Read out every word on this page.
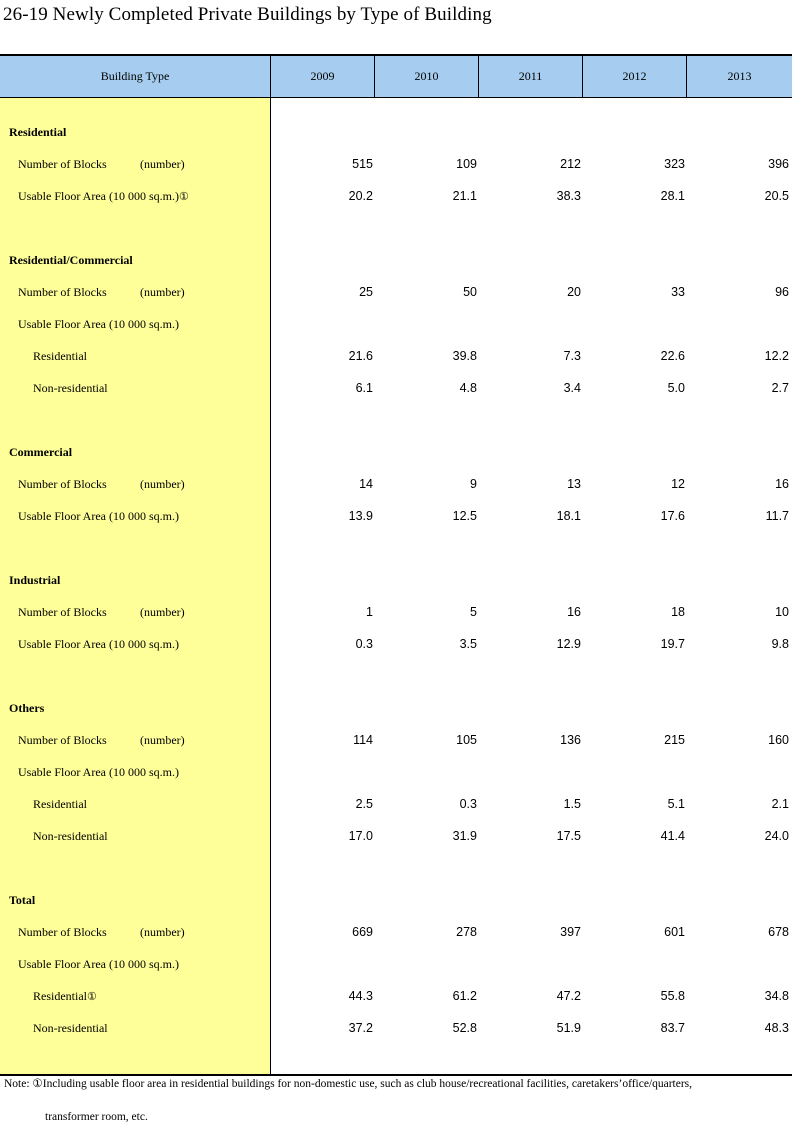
26-19 Newly Completed Private Buildings by Type of Building
Building Type	2009	2010	2011	2012	2013
Residential
Number of Blocks	(number)	515	109	212	323	396
Usable Floor Area (10 000 sq.m.)①	20.2	21.1	38.3	28.1	20.5
Residential/Commercial
Number of Blocks	(number)	25	50	20	33	96
Usable Floor Area (10 000 sq.m.)
Residential	21.6	39.8	7.3	22.6	12.2
Non-residential	6.1	4.8	3.4	5.0	2.7
Commercial
Number of Blocks	(number)	14	9	13	12	16
Usable Floor Area (10 000 sq.m.)	13.9	12.5	18.1	17.6	11.7
Industrial
Number of Blocks	(number)	1	5	16	18	10
Usable Floor Area (10 000 sq.m.)	0.3	3.5	12.9	19.7	9.8
Others
Number of Blocks	(number)	114	105	136	215	160
Usable Floor Area (10 000 sq.m.)
Residential	2.5	0.3	1.5	5.1	2.1
Non-residential	17.0	31.9	17.5	41.4	24.0
Total
Number of Blocks	(number)	669	278	397	601	678
Usable Floor Area (10 000 sq.m.)
Residential①	44.3	61.2	47.2	55.8	34.8
Non-residential	37.2	52.8	51.9	83.7	48.3
Note: ①Including usable floor area in residential buildings for non-domestic use, such as club house/recreational facilities, caretakers’office/quarters,
transformer room, etc.
